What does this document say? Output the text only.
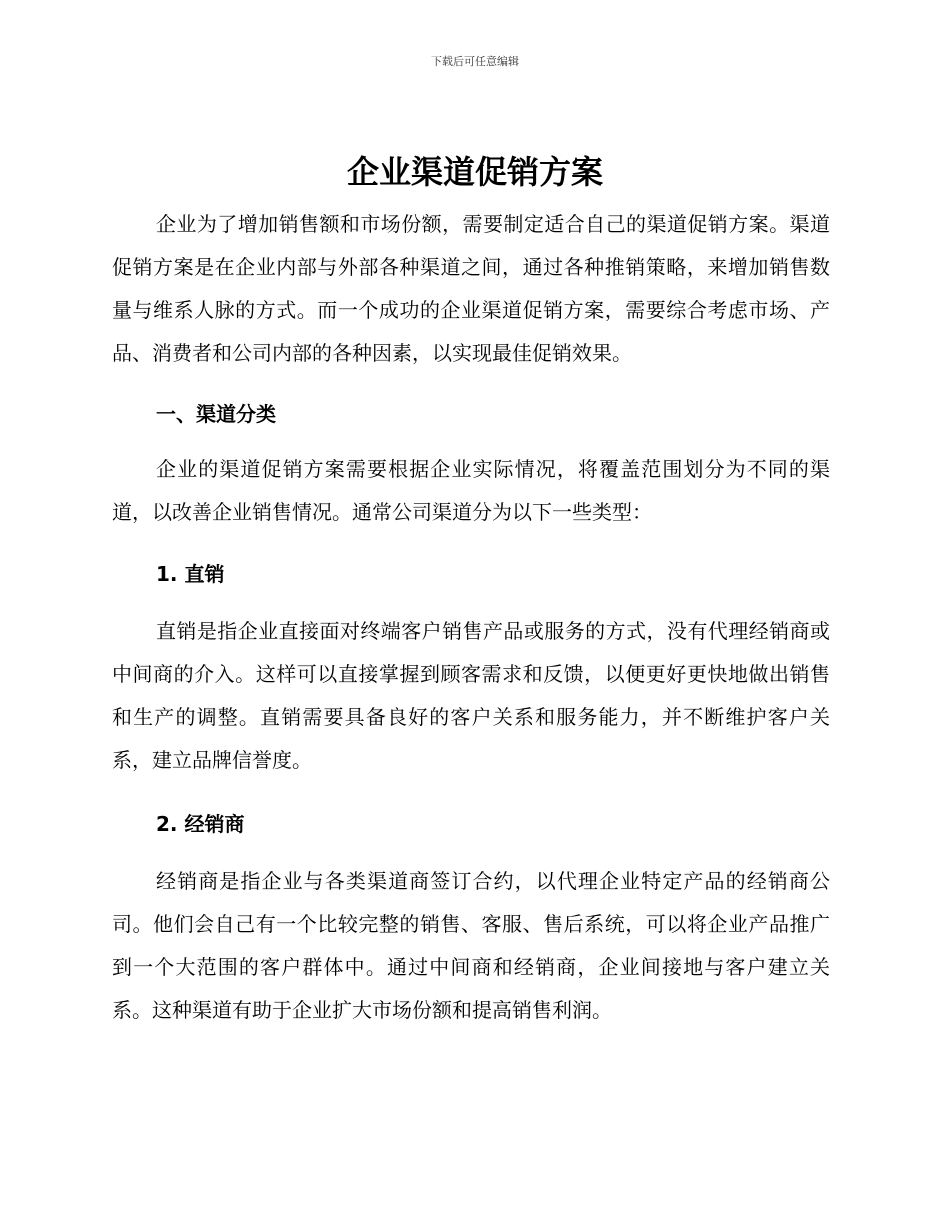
下载后可任意编辑
企业渠道促销方案

企业为了增加销售额和市场份额，需要制定适合自己的渠道促销方案。渠道促销方案是在企业内部与外部各种渠道之间，通过各种推销策略，来增加销售数量与维系人脉的方式。而一个成功的企业渠道促销方案，需要综合考虑市场、产品、消费者和公司内部的各种因素，以实现最佳促销效果。

一、渠道分类

企业的渠道促销方案需要根据企业实际情况，将覆盖范围划分为不同的渠道，以改善企业销售情况。通常公司渠道分为以下一些类型：

1. 直销

直销是指企业直接面对终端客户销售产品或服务的方式，没有代理经销商或中间商的介入。这样可以直接掌握到顾客需求和反馈，以便更好更快地做出销售和生产的调整。直销需要具备良好的客户关系和服务能力，并不断维护客户关系，建立品牌信誉度。

2. 经销商

经销商是指企业与各类渠道商签订合约，以代理企业特定产品的经销商公司。他们会自己有一个比较完整的销售、客服、售后系统，可以将企业产品推广到一个大范围的客户群体中。通过中间商和经销商，企业间接地与客户建立关系。这种渠道有助于企业扩大市场份额和提高销售利润。
